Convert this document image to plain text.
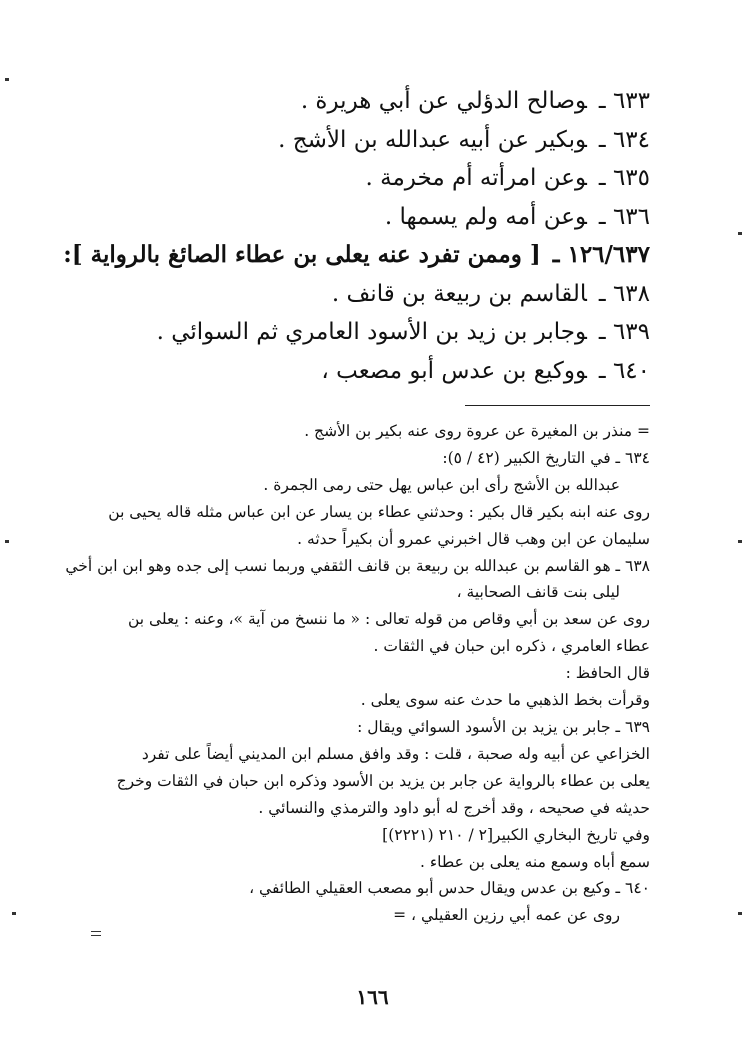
٦٣٣ ـوصالح الدؤلي عن أبي هريرة .
٦٣٤ ـوبكير عن أبيه عبدالله بن الأشج .
٦٣٥ ـوعن امرأته أم مخرمة .
٦٣٦ ـوعن أمه ولم يسمها .
١٢٦/٦٣٧ ـ[ وممن تفرد عنه يعلى بن عطاء الصائغ بالرواية ]:
٦٣٨ ـالقاسم بن ربيعة بن قانف .
٦٣٩ ـوجابر بن زيد بن الأسود العامري ثم السوائي .
٦٤٠ ـووكيع بن عدس أبو مصعب ،
= منذر بن المغيرة عن عروة روى عنه بكير بن الأشج .
٦٣٤ ـ في التاريخ الكبير (٤٢ / ٥):
عبدالله بن الأشج رأى ابن عباس يهل حتى رمى الجمرة .
روى عنه ابنه بكير قال بكير : وحدثني عطاء بن يسار عن ابن عباس مثله قاله يحيى بن
سليمان عن ابن وهب قال اخبرني عمرو أن بكيراً حدثه .
٦٣٨ ـ هو القاسم بن عبدالله بن ربيعة بن قانف الثقفي وربما نسب إلى جده وهو ابن ابن أخي
ليلى بنت قانف الصحابية ،
روى عن سعد بن أبي وقاص من قوله تعالى : « ما ننسخ من آية »، وعنه : يعلى بن
عطاء العامري ، ذكره ابن حبان في الثقات .
قال الحافظ :
وقرأت بخط الذهبي ما حدث عنه سوى يعلى .
٦٣٩ ـ جابر بن يزيد بن الأسود السوائي ويقال :
الخزاعي عن أبيه وله صحبة ، قلت : وقد وافق مسلم ابن المديني أيضاً على تفرد
يعلى بن عطاء بالرواية عن جابر بن يزيد بن الأسود وذكره ابن حبان في الثقات وخرج
حديثه في صحيحه ، وقد أخرج له أبو داود والترمذي والنسائي .
وفي تاريخ البخاري الكبير[٢ / ٢١٠ (٢٢٢١)]
سمع أباه وسمع منه يعلى بن عطاء .
٦٤٠ ـ وكيع بن عدس ويقال حدس أبو مصعب العقيلي الطائفي ،
روى عن عمه أبي رزين العقيلي ، =
١٦٦
